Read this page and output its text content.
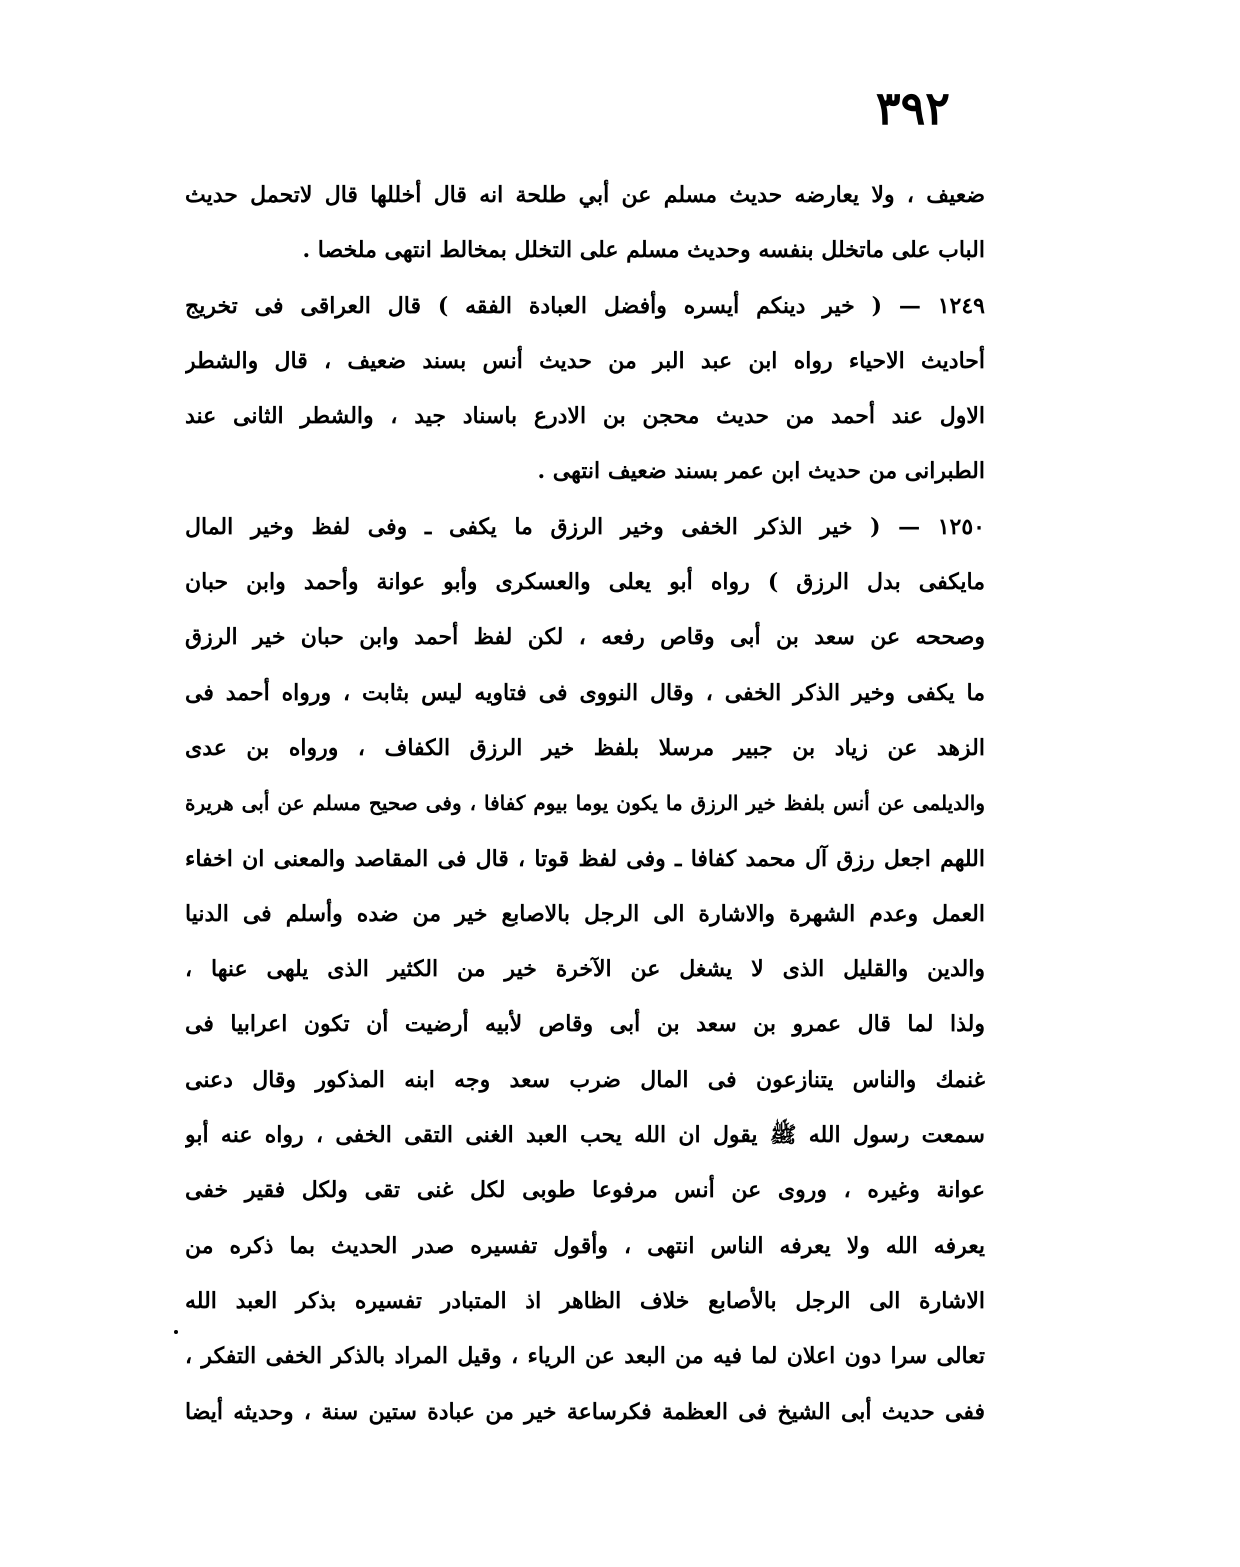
٣٩٢
ضعيف ، ولا يعارضه حديث مسلم عن أبي طلحة انه قال أخللها قال لاتحمل حديث
الباب على ماتخلل بنفسه وحديث مسلم على التخلل بمخالط انتهى ملخصا .
١٢٤٩ — ( خير دينكم أيسره وأفضل العبادة الفقه ) قال العراقى فى تخريج
أحاديث الاحياء رواه ابن عبد البر من حديث أنس بسند ضعيف ، قال والشطر
الاول عند أحمد من حديث محجن بن الادرع باسناد جيد ، والشطر الثانى عند
الطبرانى من حديث ابن عمر بسند ضعيف انتهى .
١٢٥٠ — ( خير الذكر الخفى وخير الرزق ما يكفى ـ وفى لفظ وخير المال
مايكفى بدل الرزق ) رواه أبو يعلى والعسكرى وأبو عوانة وأحمد وابن حبان
وصححه عن سعد بن أبى وقاص رفعه ، لكن لفظ أحمد وابن حبان خير الرزق
ما يكفى وخير الذكر الخفى ، وقال النووى فى فتاويه ليس بثابت ، ورواه أحمد فى
الزهد عن زياد بن جبير مرسلا بلفظ خير الرزق الكفاف ، ورواه بن عدى
والديلمى عن أنس بلفظ خير الرزق ما يكون يوما بيوم كفافا ، وفى صحيح مسلم عن أبى هريرة
اللهم اجعل رزق آل محمد كفافا ـ وفى لفظ قوتا ، قال فى المقاصد والمعنى ان اخفاء
العمل وعدم الشهرة والاشارة الى الرجل بالاصابع خير من ضده وأسلم فى الدنيا
والدين والقليل الذى لا يشغل عن الآخرة خير من الكثير الذى يلهى عنها ،
ولذا لما قال عمرو بن سعد بن أبى وقاص لأبيه أرضيت أن تكون اعرابيا فى
غنمك والناس يتنازعون فى المال ضرب سعد وجه ابنه المذكور وقال دعنى
سمعت رسول الله ﷺ يقول ان الله يحب العبد الغنى التقى الخفى ، رواه عنه أبو
عوانة وغيره ، وروى عن أنس مرفوعا طوبى لكل غنى تقى ولكل فقير خفى
يعرفه الله ولا يعرفه الناس انتهى ، وأقول تفسيره صدر الحديث بما ذكره من
الاشارة الى الرجل بالأصابع خلاف الظاهر اذ المتبادر تفسيره بذكر العبد الله
تعالى سرا دون اعلان لما فيه من البعد عن الرياء ، وقيل المراد بالذكر الخفى التفكر ،
ففى حديث أبى الشيخ فى العظمة فكرساعة خير من عبادة ستين سنة ، وحديثه أيضا
